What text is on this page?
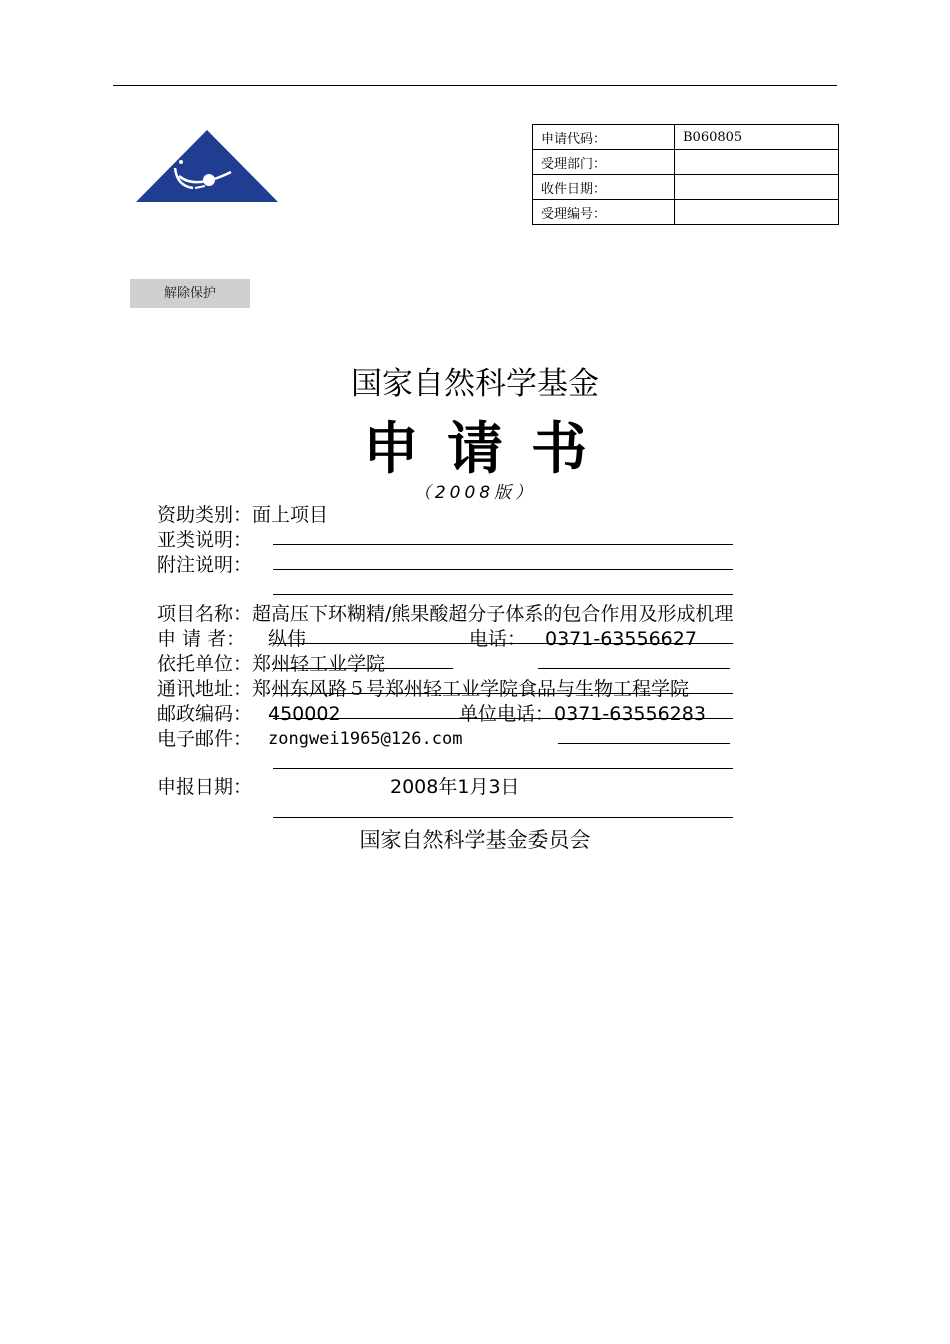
申请代码：	B060805
受理部门：	
收件日期：	
受理编号：	
解除保护
国家自然科学基金
申请书
（2008版）
资助类别：面上项目
亚类说明：
附注说明：
项目名称：超高压下环糊精/熊果酸超分子体系的包合作用及形成机理
申 请 者： 纵伟	电话： 0371-63556627
依托单位：郑州轻工业学院
通讯地址：郑州东风路５号郑州轻工业学院食品与生物工程学院
邮政编码： 450002	单位电话：0371-63556283
电子邮件： zongwei1965@126.com
申报日期：	2008年1月3日
国家自然科学基金委员会
